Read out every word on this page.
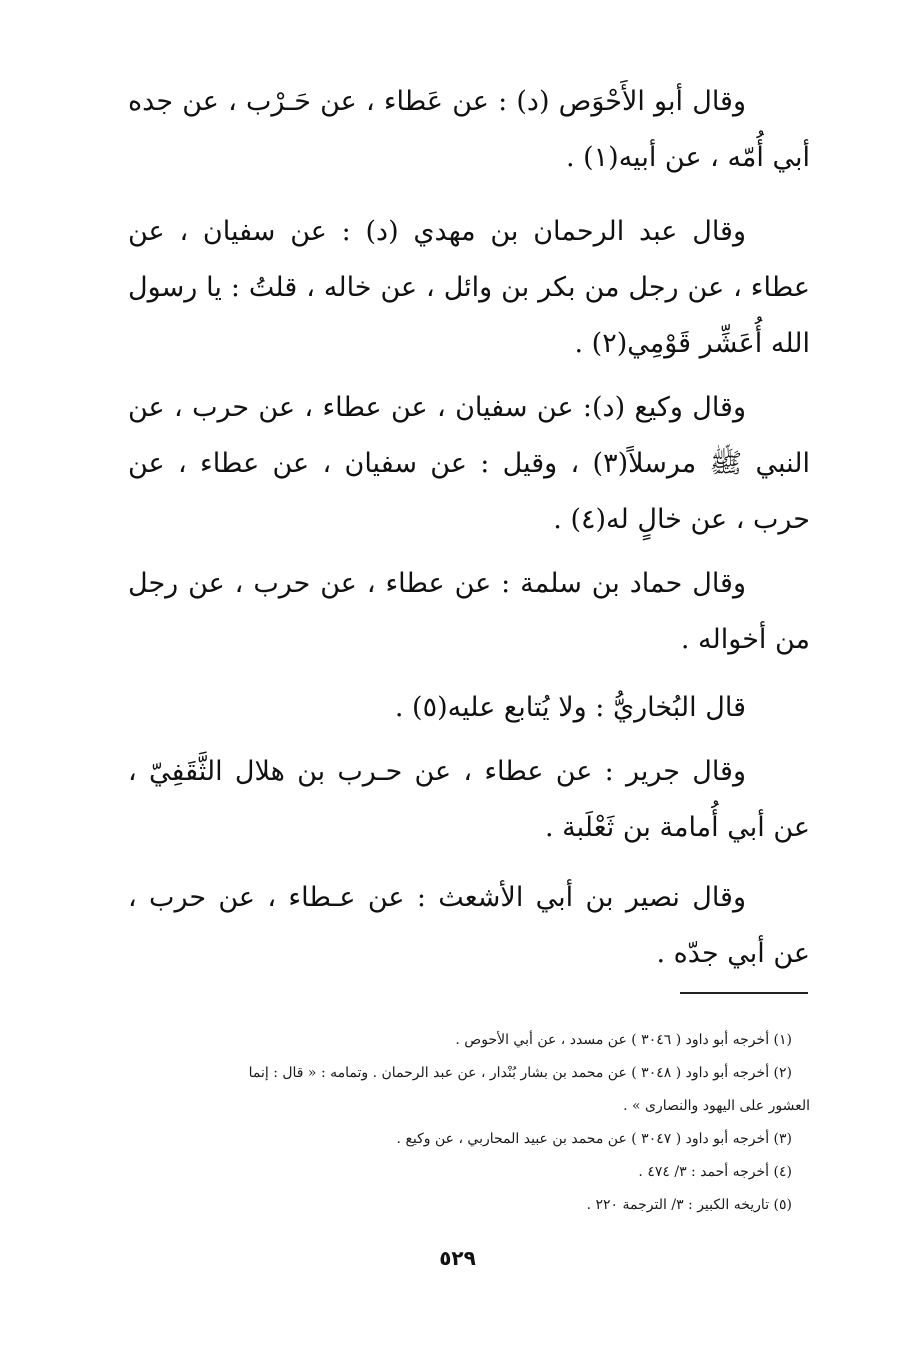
وقال أبو الأَحْوَص (د) : عن عَطاء ، عن حَـرْب ، عن جده أبي أُمّه ، عن أبيه(١) .
وقال عبد الرحمان بن مهدي (د) : عن سفيان ، عن عطاء ، عن رجل من بكر بن وائل ، عن خاله ، قلتُ : يا رسول الله أُعَشِّر قَوْمِي(٢) .
وقال وكيع (د): عن سفيان ، عن عطاء ، عن حرب ، عن النبي ﷺ مرسلاً(٣) ، وقيل : عن سفيان ، عن عطاء ، عن حرب ، عن خالٍ له(٤) .
وقال حماد بن سلمة : عن عطاء ، عن حرب ، عن رجل من أخواله .
قال البُخاريُّ : ولا يُتابع عليه(٥) .
وقال جرير : عن عطاء ، عن حـرب بن هلال الثَّقَفِيّ ، عن أبي أُمامة بن ثَعْلَبة .
وقال نصير بن أبي الأشعث : عن عـطاء ، عن حرب ، عن أبي جدّه .
(١) أخرجه أبو داود ( ٣٠٤٦ ) عن مسدد ، عن أبي الأحوص .
(٢) أخرجه أبو داود ( ٣٠٤٨ ) عن محمد بن بشار بُنْدار ، عن عبد الرحمان . وتمامه : « قال : إنما
العشور على اليهود والنصارى » .
(٣) أخرجه أبو داود ( ٣٠٤٧ ) عن محمد بن عبيد المحاربي ، عن وكيع .
(٤) أخرجه أحمد : ٣/ ٤٧٤ .
(٥) تاريخه الكبير : ٣/ الترجمة ٢٢٠ .
٥٢٩
